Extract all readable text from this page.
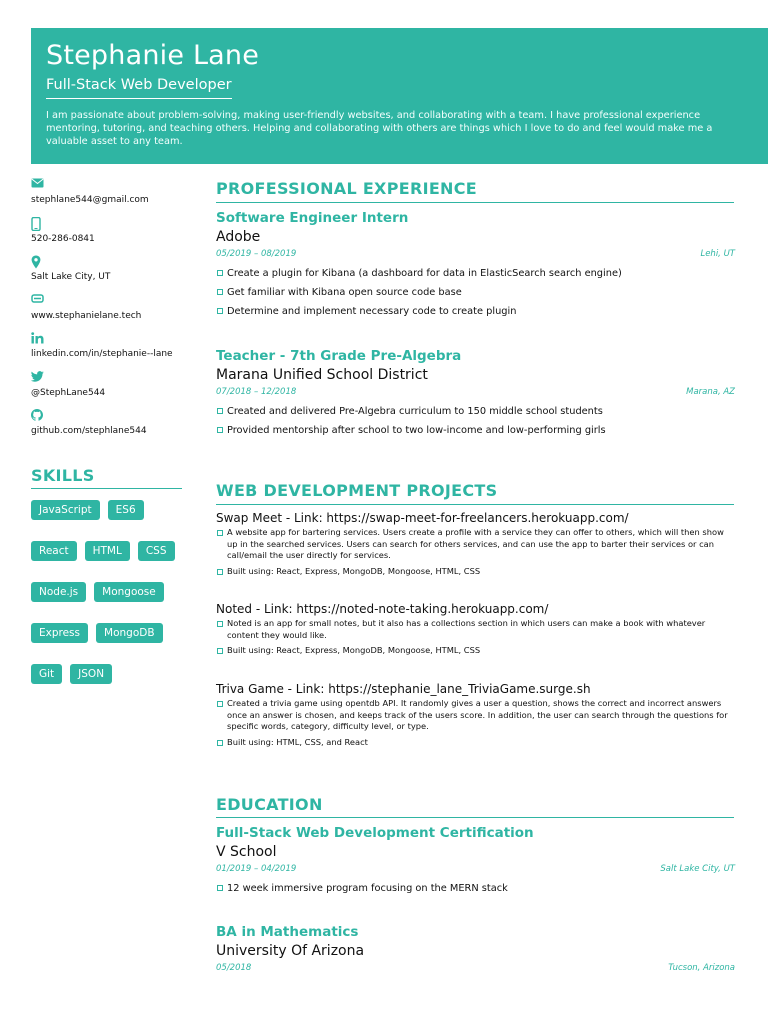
Stephanie Lane
Full-Stack Web Developer
I am passionate about problem-solving, making user-friendly websites, and collaborating with a team. I have professional experience mentoring, tutoring, and teaching others. Helping and collaborating with others are things which I love to do and feel would make me a valuable asset to any team.
stephlane544@gmail.com
520-286-0841
Salt Lake City, UT
www.stephanielane.tech
linkedin.com/in/stephanie--lane
@StephLane544
github.com/stephlane544
SKILLS
JavaScript	ES6
React	HTML	CSS
Node.js	Mongoose
Express	MongoDB
Git	JSON
PROFESSIONAL EXPERIENCE
Software Engineer Intern
Adobe
05/2019 – 08/2019	Lehi, UT
Create a plugin for Kibana (a dashboard for data in ElasticSearch search engine)
Get familiar with Kibana open source code base
Determine and implement necessary code to create plugin
Teacher - 7th Grade Pre-Algebra
Marana Unified School District
07/2018 – 12/2018	Marana, AZ
Created and delivered Pre-Algebra curriculum to 150 middle school students
Provided mentorship after school to two low-income and low-performing girls
WEB DEVELOPMENT PROJECTS
Swap Meet - Link: https://swap-meet-for-freelancers.herokuapp.com/
A website app for bartering services. Users create a profile with a service they can offer to others, which will then show up in the searched services. Users can search for others services, and can use the app to barter their services or can call/email the user directly for services.
Built using: React, Express, MongoDB, Mongoose, HTML, CSS
Noted - Link: https://noted-note-taking.herokuapp.com/
Noted is an app for small notes, but it also has a collections section in which users can make a book with whatever content they would like.
Built using: React, Express, MongoDB, Mongoose, HTML, CSS
Triva Game - Link: https://stephanie_lane_TriviaGame.surge.sh
Created a trivia game using opentdb API. It randomly gives a user a question, shows the correct and incorrect answers once an answer is chosen, and keeps track of the users score. In addition, the user can search through the questions for specific words, category, difficulty level, or type.
Built using: HTML, CSS, and React
EDUCATION
Full-Stack Web Development Certification
V School
01/2019 – 04/2019	Salt Lake City, UT
12 week immersive program focusing on the MERN stack
BA in Mathematics
University Of Arizona
05/2018	Tucson, Arizona
